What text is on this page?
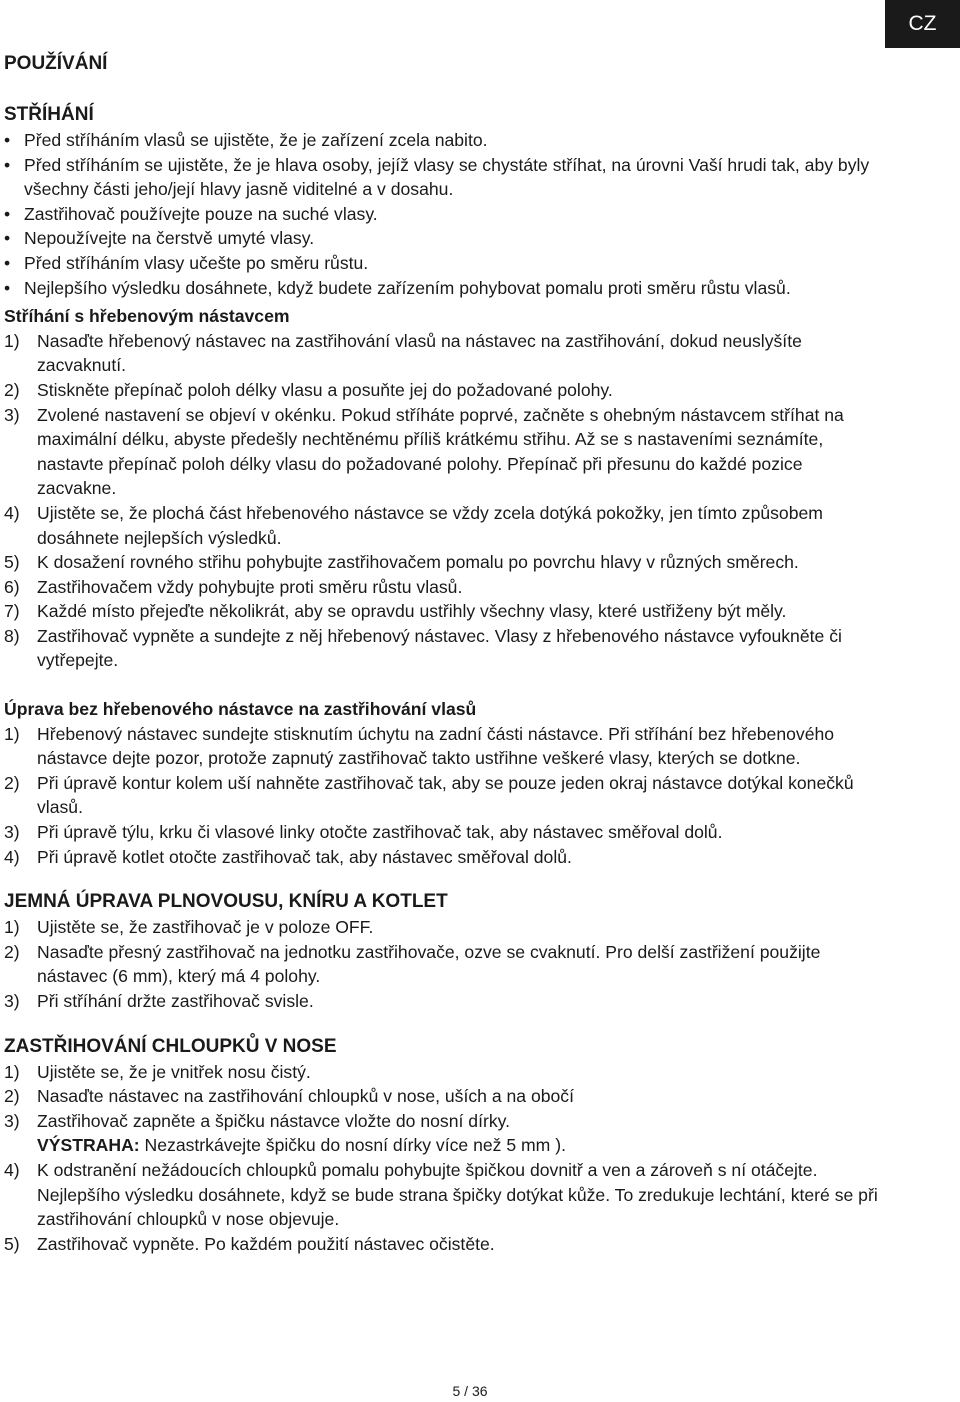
CZ
POUŽÍVÁNÍ
STŘÍHÁNÍ
• Před stříháním vlasů se ujistěte, že je zařízení zcela nabito.
• Před stříháním se ujistěte, že je hlava osoby, jejíž vlasy se chystáte stříhat, na úrovni Vaší hrudi tak, aby byly všechny části jeho/její hlavy jasně viditelné a v dosahu.
• Zastřihovač používejte pouze na suché vlasy.
• Nepoužívejte na čerstvě umyté vlasy.
• Před stříháním vlasy učešte po směru růstu.
• Nejlepšího výsledku dosáhnete, když budete zařízením pohybovat pomalu proti směru růstu vlasů.
Stříhání s hřebenovým nástavcem
1) Nasaďte hřebenový nástavec na zastřihování vlasů na nástavec na zastřihování, dokud neuslyšíte zacvaknutí.
2) Stiskněte přepínač poloh délky vlasu a posuňte jej do požadované polohy.
3) Zvolené nastavení se objeví v okénku. Pokud stříháte poprvé, začněte s ohebným nástavcem stříhat na maximální délku, abyste předešly nechtěnému příliš krátkému střihu. Až se s nastaveními seznámíte, nastavte přepínač poloh délky vlasu do požadované polohy. Přepínač při přesunu do každé pozice zacvakne.
4) Ujistěte se, že plochá část hřebenového nástavce se vždy zcela dotýká pokožky, jen tímto způsobem dosáhnete nejlepších výsledků.
5) K dosažení rovného střihu pohybujte zastřihovačem pomalu po povrchu hlavy v různých směrech.
6) Zastřihovačem vždy pohybujte proti směru růstu vlasů.
7) Každé místo přejeďte několikrát, aby se opravdu ustřihly všechny vlasy, které ustřiženy být měly.
8) Zastřihovač vypněte a sundejte z něj hřebenový nástavec. Vlasy z hřebenového nástavce vyfoukněte či vytřepejte.
Úprava bez hřebenového nástavce na zastřihování vlasů
1) Hřebenový nástavec sundejte stisknutím úchytu na zadní části nástavce. Při stříhání bez hřebenového nástavce dejte pozor, protože zapnutý zastřihovač takto ustřihne veškeré vlasy, kterých se dotkne.
2) Při úpravě kontur kolem uší nahněte zastřihovač tak, aby se pouze jeden okraj nástavce dotýkal konečků vlasů.
3) Při úpravě týlu, krku či vlasové linky otočte zastřihovač tak, aby nástavec směřoval dolů.
4) Při úpravě kotlet otočte zastřihovač tak, aby nástavec směřoval dolů.
JEMNÁ ÚPRAVA PLNOVOUSU, KNÍRU A KOTLET
1) Ujistěte se, že zastřihovač je v poloze OFF.
2) Nasaďte přesný zastřihovač na jednotku zastřihovače, ozve se cvaknutí. Pro delší zastřižení použijte nástavec (6 mm), který má 4 polohy.
3) Při stříhání držte zastřihovač svisle.
ZASTŘIHOVÁNÍ CHLOUPKŮ V NOSE
1) Ujistěte se, že je vnitřek nosu čistý.
2) Nasaďte nástavec na zastřihování chloupků v nose, uších a na obočí
3) Zastřihovač zapněte a špičku nástavce vložte do nosní dírky.
VÝSTRAHA: Nezastrkávejte špičku do nosní dírky více než 5 mm ).
4) K odstranění nežádoucích chloupků pomalu pohybujte špičkou dovnitř a ven a zároveň s ní otáčejte. Nejlepšího výsledku dosáhnete, když se bude strana špičky dotýkat kůže. To zredukuje lechtání, které se při zastřihování chloupků v nose objevuje.
5) Zastřihovač vypněte. Po každém použití nástavec očistěte.
5 / 36
